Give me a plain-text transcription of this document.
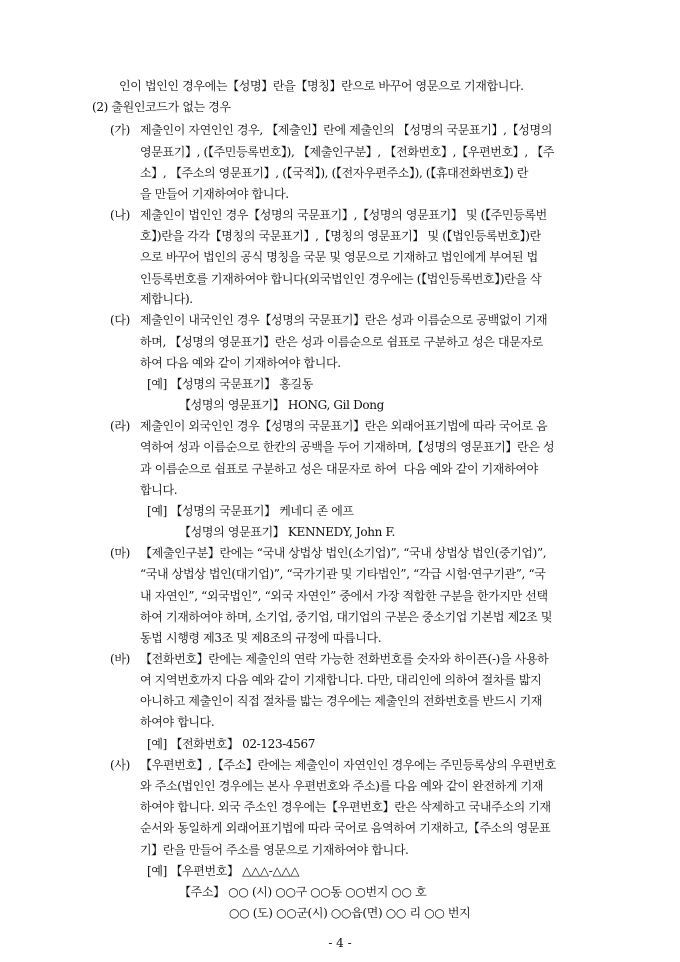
인이 법인인 경우에는【성명】란을【명칭】란으로 바꾸어 영문으로 기재합니다.
(2) 출원인코드가 없는 경우
(가) 제출인이 자연인인 경우, 【제출인】란에 제출인의 【성명의 국문표기】,【성명의
영문표기】, (【주민등록번호】), 【제출인구분】, 【전화번호】,【우편번호】, 【주
소】, 【주소의 영문표기】, (【국적】), (【전자우편주소】), (【휴대전화번호】) 란
을 만들어 기재하여야 합니다.
(나) 제출인이 법인인 경우【성명의 국문표기】,【성명의 영문표기】 및 (【주민등록번
호】)란을 각각【명칭의 국문표기】,【명칭의 영문표기】 및 (【법인등록번호】)란
으로 바꾸어 법인의 공식 명칭을 국문 및 영문으로 기재하고 법인에게 부여된 법
인등록번호를 기재하여야 합니다(외국법인인 경우에는 (【법인등록번호】)란을 삭
제합니다).
(다) 제출인이 내국인인 경우【성명의 국문표기】란은 성과 이름순으로 공백없이 기재
하며, 【성명의 영문표기】란은 성과 이름순으로 쉼표로 구분하고 성은 대문자로
하여 다음 예와 같이 기재하여야 합니다.
[예] 【성명의 국문표기】 홍길동
【성명의 영문표기】 HONG, Gil Dong
(라) 제출인이 외국인인 경우【성명의 국문표기】란은 외래어표기법에 따라 국어로 음
역하여 성과 이름순으로 한칸의 공백을 두어 기재하며,【성명의 영문표기】란은 성
과 이름순으로 쉼표로 구분하고 성은 대문자로 하여  다음 예와 같이 기재하여야
합니다.
[예] 【성명의 국문표기】 케네디 존 에프
【성명의 영문표기】 KENNEDY, John F.
(마) 【제출인구분】란에는 “국내 상법상 법인(소기업)”, “국내 상법상 법인(중기업)”,
“국내 상법상 법인(대기업)”, “국가기관 및 기타법인”, “각급 시험·연구기관”, “국
내 자연인”, “외국법인”, “외국 자연인” 중에서 가장 적합한 구분을 한가지만 선택
하여 기재하여야 하며, 소기업, 중기업, 대기업의 구분은 중소기업 기본법 제2조 및
동법 시행령 제3조 및 제8조의 규정에 따릅니다.
(바) 【전화번호】란에는 제출인의 연락 가능한 전화번호를 숫자와 하이픈(-)을 사용하
여 지역번호까지 다음 예와 같이 기재합니다. 다만, 대리인에 의하여 절차를 밟지
아니하고 제출인이 직접 절차를 밟는 경우에는 제출인의 전화번호를 반드시 기재
하여야 합니다.
[예] 【전화번호】 02-123-4567
(사) 【우편번호】,【주소】란에는 제출인이 자연인인 경우에는 주민등록상의 우편번호
와 주소(법인인 경우에는 본사 우편번호와 주소)를 다음 예와 같이 완전하게 기재
하여야 합니다. 외국 주소인 경우에는【우편번호】란은 삭제하고 국내주소의 기재
순서와 동일하게 외래어표기법에 따라 국어로 음역하여 기재하고,【주소의 영문표
기】란을 만들어 주소를 영문으로 기재하여야 합니다.
[예] 【우편번호】 △△△-△△△
【주소】 ○○ (시) ○○구 ○○동 ○○번지 ○○ 호
○○ (도) ○○군(시) ○○읍(면) ○○ 리 ○○ 번지
- 4 -
